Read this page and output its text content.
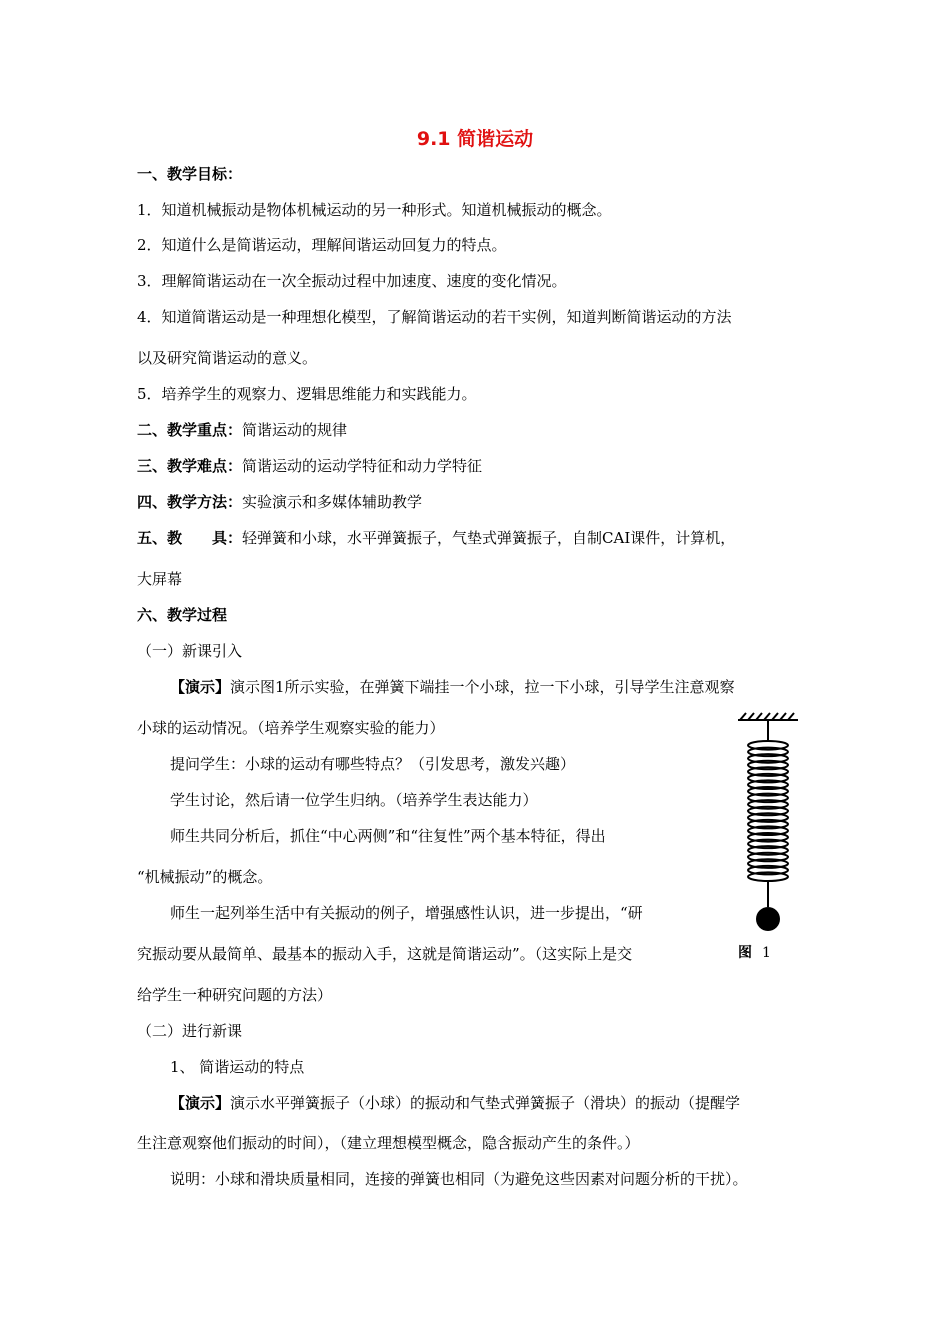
9.1 简谐运动
一、教学目标：
1．知道机械振动是物体机械运动的另一种形式。知道机械振动的概念。
2．知道什么是简谐运动，理解间谐运动回复力的特点。
3．理解简谐运动在一次全振动过程中加速度、速度的变化情况。
4．知道简谐运动是一种理想化模型，了解简谐运动的若干实例，知道判断简谐运动的方法
以及研究简谐运动的意义。
5．培养学生的观察力、逻辑思维能力和实践能力。
二、教学重点：简谐运动的规律
三、教学难点：简谐运动的运动学特征和动力学特征
四、教学方法：实验演示和多媒体辅助教学
五、教　　具：轻弹簧和小球，水平弹簧振子，气垫式弹簧振子，自制CAI课件，计算机，
大屏幕
六、教学过程
（一）新课引入
【演示】演示图1所示实验，在弹簧下端挂一个小球，拉一下小球，引导学生注意观察
小球的运动情况。（培养学生观察实验的能力）
提问学生：小球的运动有哪些特点？（引发思考，激发兴趣）
学生讨论，然后请一位学生归纳。（培养学生表达能力）
师生共同分析后，抓住“中心两侧”和“往复性”两个基本特征，得出
“机械振动”的概念。
师生一起列举生活中有关振动的例子，增强感性认识，进一步提出，“研
究振动要从最简单、最基本的振动入手，这就是简谐运动”。（这实际上是交
给学生一种研究问题的方法）
图 1
（二）进行新课
1、 简谐运动的特点
【演示】演示水平弹簧振子（小球）的振动和气垫式弹簧振子（滑块）的振动（提醒学
生注意观察他们振动的时间），（建立理想模型概念，隐含振动产生的条件。）
说明：小球和滑块质量相同，连接的弹簧也相同（为避免这些因素对问题分析的干扰）。
